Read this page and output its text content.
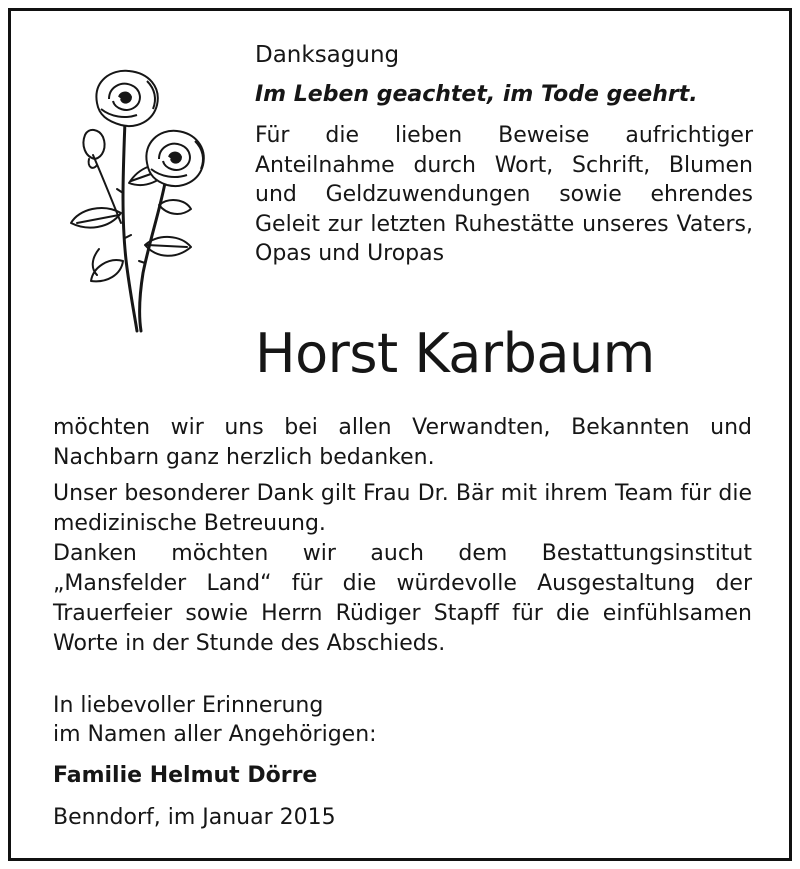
Danksagung
Im Leben geachtet, im Tode geehrt.

Für die lieben Beweise aufrichtiger Anteilnahme durch Wort, Schrift, Blumen und Geldzuwendungen sowie ehrendes Geleit zur letzten Ruhestätte unseres Vaters, Opas und Uropas

Horst Karbaum

möchten wir uns bei allen Verwandten, Bekannten und Nachbarn ganz herzlich bedanken.

Unser besonderer Dank gilt Frau Dr. Bär mit ihrem Team für die medizinische Betreuung.

Danken möchten wir auch dem Bestattungsinstitut „Mansfelder Land“ für die würdevolle Ausgestaltung der Trauerfeier sowie Herrn Rüdiger Stapff für die einfühlsamen Worte in der Stunde des Abschieds.

In liebevoller Erinnerung
im Namen aller Angehörigen:
Familie Helmut Dörre
Benndorf, im Januar 2015
